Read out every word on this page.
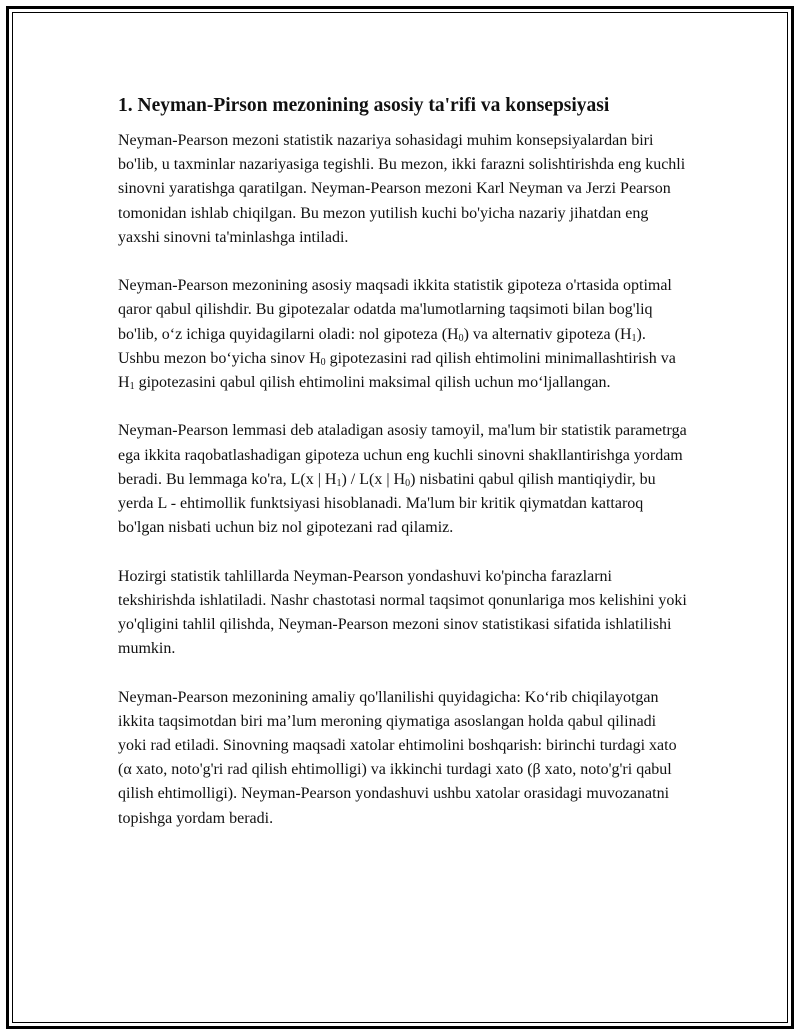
1. Neyman-Pirson mezonining asosiy ta'rifi va konsepsiyasi

Neyman-Pearson mezoni statistik nazariya sohasidagi muhim konsepsiyalardan biri bo'lib, u taxminlar nazariyasiga tegishli. Bu mezon, ikki farazni solishtirishda eng kuchli sinovni yaratishga qaratilgan. Neyman-Pearson mezoni Karl Neyman va Jerzi Pearson tomonidan ishlab chiqilgan. Bu mezon yutilish kuchi bo'yicha nazariy jihatdan eng yaxshi sinovni ta'minlashga intiladi.

Neyman-Pearson mezonining asosiy maqsadi ikkita statistik gipoteza o'rtasida optimal qaror qabul qilishdir. Bu gipotezalar odatda ma'lumotlarning taqsimoti bilan bog'liq bo'lib, o‘z ichiga quyidagilarni oladi: nol gipoteza $(H_0)$ va alternativ gipoteza $(H_1)$. Ushbu mezon bo‘yicha sinov $H_0$ gipotezasini rad qilish ehtimolini minimallashtirish va $H_1$ gipotezasini qabul qilish ehtimolini maksimal qilish uchun mo‘ljallangan.

Neyman-Pearson lemmasi deb ataladigan asosiy tamoyil, ma'lum bir statistik parametrga ega ikkita raqobatlashadigan gipoteza uchun eng kuchli sinovni shakllantirishga yordam beradi. Bu lemmaga ko'ra, L(x | $H_1) / L(x$ | $H_0$) nisbatini qabul qilish mantiqiydir, bu yerda L - ehtimollik funktsiyasi hisoblanadi. Ma'lum bir kritik qiymatdan kattaroq bo'lgan nisbati uchun biz nol gipotezani rad qilamiz.

Hozirgi statistik tahlillarda Neyman-Pearson yondashuvi ko'pincha farazlarni tekshirishda ishlatiladi. Nashr chastotasi normal taqsimot qonunlariga mos kelishini yoki yo'qligini tahlil qilishda, Neyman-Pearson mezoni sinov statistikasi sifatida ishlatilishi mumkin.

Neyman-Pearson mezonining amaliy qo'llanilishi quyidagicha: Ko‘rib chiqilayotgan ikkita taqsimotdan biri ma’lum meroning qiymatiga asoslangan holda qabul qilinadi yoki rad etiladi. Sinovning maqsadi xatolar ehtimolini boshqarish: birinchi turdagi xato (α xato, noto'g'ri rad qilish ehtimolligi) va ikkinchi turdagi xato (β xato, noto'g'ri qabul qilish ehtimolligi). Neyman-Pearson yondashuvi ushbu xatolar orasidagi muvozanatni topishga yordam beradi.
